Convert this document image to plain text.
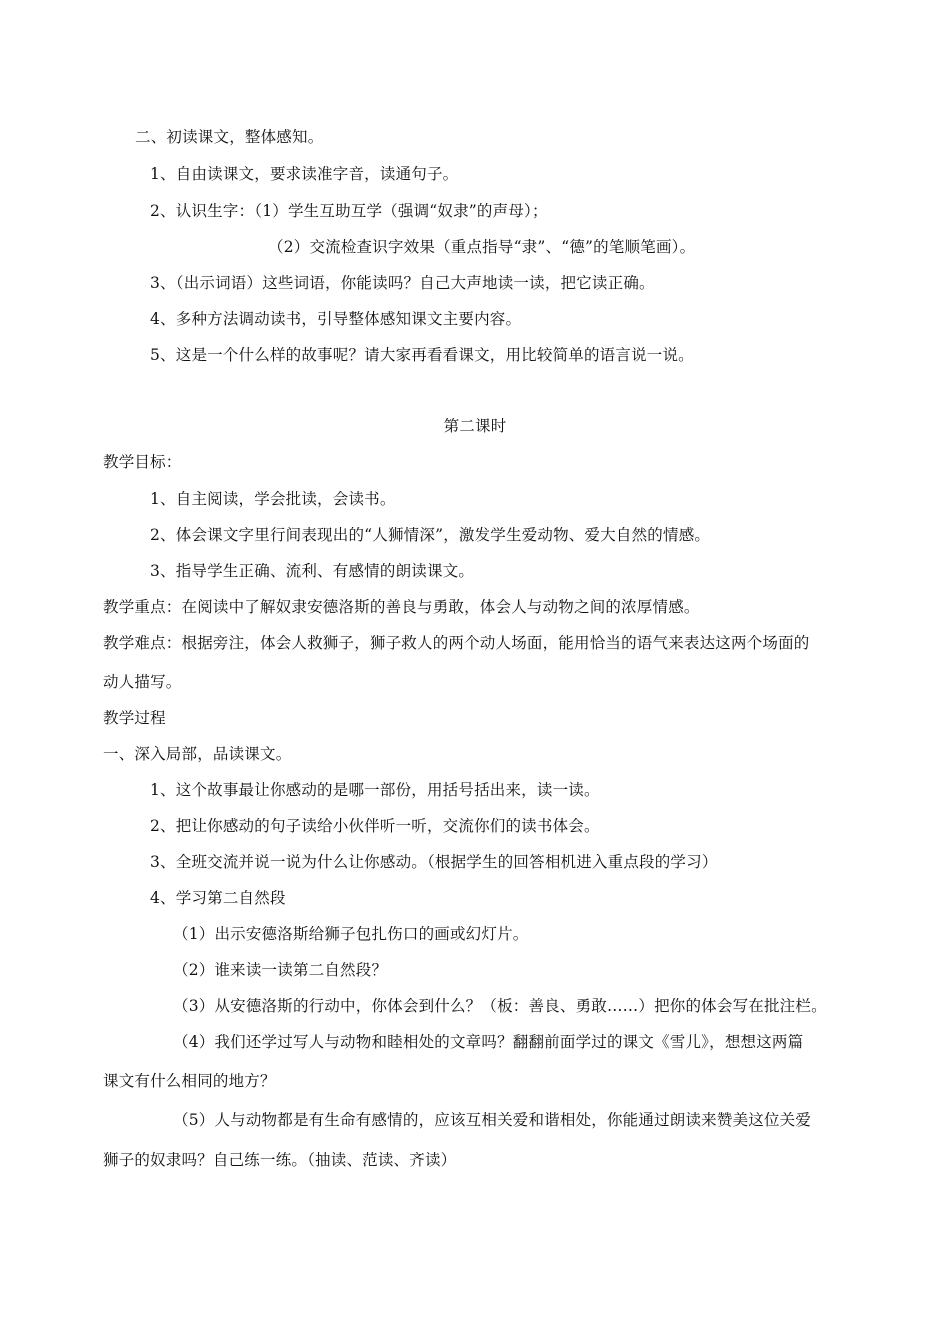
二、初读课文，整体感知。
1、自由读课文，要求读准字音，读通句子。
2、认识生字：（1）学生互助互学（强调“奴隶”的声母）；
（2）交流检查识字效果（重点指导“隶”、“德”的笔顺笔画）。
3、（出示词语）这些词语，你能读吗？自己大声地读一读，把它读正确。
4、多种方法调动读书，引导整体感知课文主要内容。
5、这是一个什么样的故事呢？请大家再看看课文，用比较简单的语言说一说。
第二课时
教学目标：
1、自主阅读，学会批读，会读书。
2、体会课文字里行间表现出的“人狮情深”，激发学生爱动物、爱大自然的情感。
3、指导学生正确、流利、有感情的朗读课文。
教学重点：在阅读中了解奴隶安德洛斯的善良与勇敢，体会人与动物之间的浓厚情感。
教学难点：根据旁注，体会人救狮子，狮子救人的两个动人场面，能用恰当的语气来表达这两个场面的
动人描写。
教学过程
一、深入局部，品读课文。
1、这个故事最让你感动的是哪一部份，用括号括出来，读一读。
2、把让你感动的句子读给小伙伴听一听，交流你们的读书体会。
3、全班交流并说一说为什么让你感动。（根据学生的回答相机进入重点段的学习）
4、学习第二自然段
（1）出示安德洛斯给狮子包扎伤口的画或幻灯片。
（2）谁来读一读第二自然段？
（3）从安德洛斯的行动中，你体会到什么？（板：善良、勇敢……）把你的体会写在批注栏。
（4）我们还学过写人与动物和睦相处的文章吗？翻翻前面学过的课文《雪儿》，想想这两篇
课文有什么相同的地方？
（5）人与动物都是有生命有感情的，应该互相关爱和谐相处，你能通过朗读来赞美这位关爱
狮子的奴隶吗？自己练一练。（抽读、范读、齐读）
